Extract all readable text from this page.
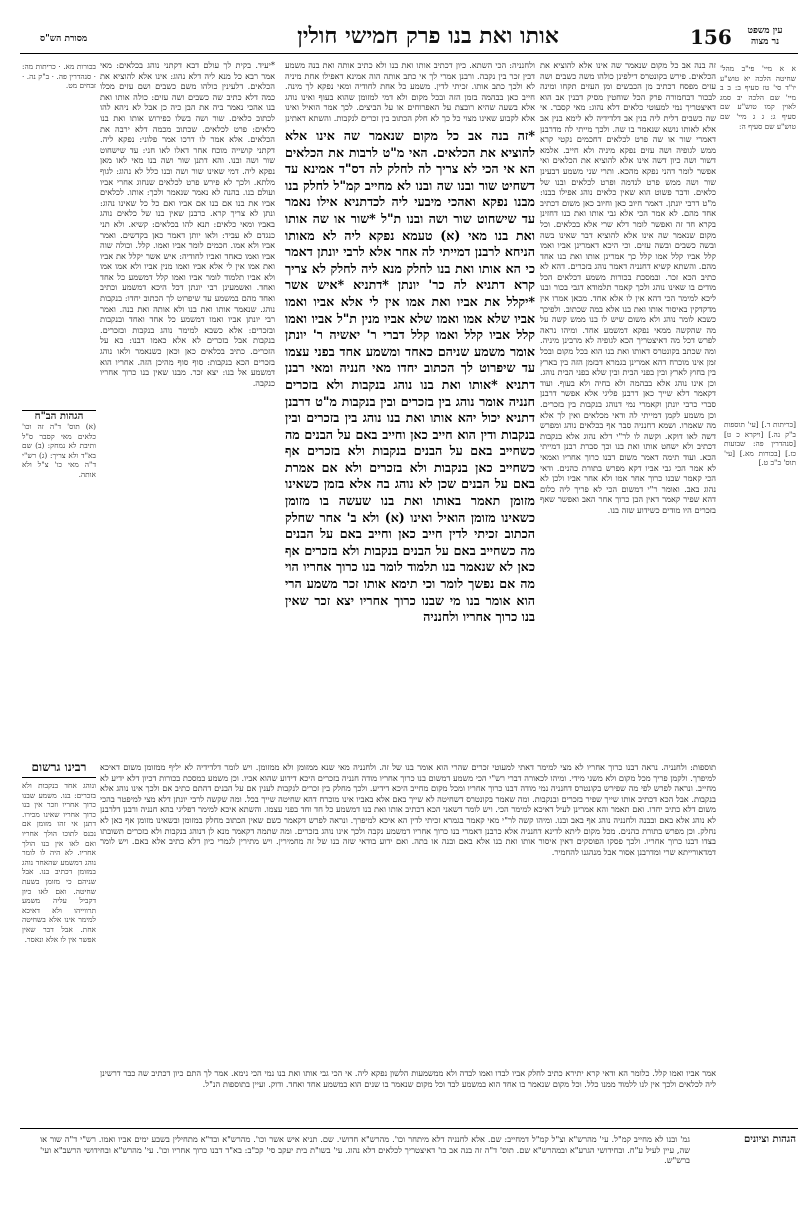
מסורת הש"ס	אותו ואת בנו פרק חמישי חולין	156	עין משפט
נר מצוה
א א מיי' פי"ב מהל' שחיטה הלכה יא טוש"ע יו"ד סי' טז סעיף ב: ב ב מיי' שם הלכה יב סמג לאוין קמו טוש"ע שם סעיף ג: ג ג מיי' שם טוש"ע שם סעיף ה:
[כריתות ד.] [עי' תוספות ב"ק נה.] [ויקרא כ ט] [סנהדרין פה: שבועות כז.] [בכורות מא.] [עי' תוס' ב"ב ט.]
זה בנה אב כל מקום שנאמר שה אינו אלא להוציא את הכלאים. פירש בקונטרס דילפינן כולהו משה כשבים ושה עזים מפסח דכתיב מן הכבשים ומן העזים תקחו ומינה לבכור דבחמורה פרק הכל שוחטין מסיק דבנין אב הוא דאיצטריך נמי למעוטי כלאים דלא נהוג: מאי קסבר. אי שה כשבים דלית ליה בנין אב דלדידיה לא לימא בנין אב אלא לאותו נושא שנאמר בו שה. ולכך מייתי לה מדרבנן דאמרי שור או שה פרט לכלאים דחכמים נקטי קרא ממש לגופיה ושה עזים נפקא מיניה ולא חייב. אלמא דשור ושה כיון דשה אינו אלא להוציא את הכלאים ואי אפשר לומר דהני נפקא מהכא. ותרי שני משמע דבעינן שור ושה ממש פרט לנדמה ופרט לכלאים ובנו של כלאים. ודבר פשוט הוא שאין כלאים נוהג אפילו בבנו: מ"ט דרבי יונתן. דאמר חיוב כאן וחיוב כאן משום דכתיב אחד מהם. לא אמר הכי אלא גבי אותו ואת בנו דחזינן בקרא חד זה ואפשר לומר דלא שרי אלא בכלאים. וכל מקום שנאמר שה אינו אלא להוציא דבר שאינו בשה ובשה כשבים ובשה עזים. וכי היכא דאמרינן אביו ואמו קלל אביו קלל אמו קלל כך אמרינן אותו ואת בנו אחד מהם. והשתא קשיא דחנניה דאמר נוהג בזכרים. דהא לא כתיב הכא זכר. ובמסכת בכורות משמע דכלאים הכל מודים בו שאינו נוהג ולכך קאמר תלמודא דגבי בכור ובנו ליכא למימר הכי דהא אין לו אלא אחד. מכאן אמרו אין מדקדקין באיסור אותו ואת בנו אלא במה שכתוב. ולפיכך כשבא לומר נוהג ולא משום שיש לו בנו ממש קשה על מה שהקשה ממאי נפקא דמשמע אחד. ומיהו נראה לפרש דכל מה דאיצטריך הכא לגופיה לא מרבינן מיניה. ומה שכתב בקונטרס דאותו ואת בנו הוא בכל מקום ובכל זמן אינו מוכרח דהא אמרינן בגמרא דבזמן הזה בין בארץ בין בחוץ לארץ ובין בפני הבית ובין שלא בפני הבית נוהג. וכן אינו נוהג אלא בבהמה ולא בחיה ולא בעוף. ועוד דקאמר דלא שייך כאן דרבנן פליגי אלא אפשר דרבנן סברי כרבי יונתן וקאמרי נמי דנוהג בנקבות בין בזכרים. וכן משמע לקמן דמייתי לה ודאי מכלאים ואין לך אלא מה שאמרו. ושמא דחנניה סבר אף בכלאים נוהג ומפרש דשה לאו דוקא. וקשה לו לר"י דלא נהוג אלא בנקבות דכתיב ולא ישחט אותו ואת בנו וכך סברת רבנן דמייתי הכא. ועוד תימה דאמר משום דבנו כרוך אחריו ואמאי לא אמר הכי גבי אביו דקא מפרש בתורת כהנים. ודאי הכי קאמר שבנו כרוך אחר אמו ולא אחר אביו ולכן לא נהוג באב. ואומר ר"י דמשום הכי לא פריך ליה כלום דהא שפיר קאמר דאין הבן כרוך אחר האב ואפשר שאף בזכרים היו מודים כשידוע שזה בנו.
*יעיד. בקית לך עולם דבא דקתני נוהג בכלאים: מאי אמר רבא כל מנא ליה דלא נהוג: אינו אלא להוציא את הכלאים. דלעינין כולהו משם כשבים ושם עזים מכלו כמה דלא כתיב שה כשבים ושה עזים: כולה אותו ואת בנו אהכי נאמר ביה את הבן כיה כן אבל לא ניהא להו לכתוב כלאים. שור ושה בשלו כפירוש אותו ואת בנו כלאים: פרט לכלאים. שכתוב מכמה דלא ירבה את הכלאים. אלא אמר לו דרכו אמר פלוני: נפקא ליה. דקתני קושייה מוכח אחר דאלו לאו חני: עד שישחוט שור ושה ובנו. והא דתנן שור ושה בנו מאי לאו מאן נפקא ליה. דמי שאינו שור ושה ובנו כלל לא נהוג: לגוף מלתא. ולכך לא פירש פרט לכלאים שנחוג אחרי אביו ועולם בנו. בהנה לא נאמר שנאמר ולכך: אותו. לכלאים אביו את בנו אם בנו אם אביו ואם כל כל שאינו נהוג: ונתן לא צריך קרא. כרבנן שאין בנו של כלאים נוהג באביו ומאי כלאים: תנא להו בכלאים: קשיא. ולא תני כנגדם לא עביד: ולאו יותן דאמר כאן בקדשים. ואמר אביו ולא אמו. חכמים לומר אביו ואמו. קלל. וכולה שוה אביו ואמו כאחד ואביו לחודיה: איש אשר יקלל את אביו ואת אמו אין לי אלא אביו ואמו מנין אביו ולא אמו אמו ולא אביו תלמוד לומר אביו ואמו קלל דמשמע כל אחד ואחד. ואשמעינן רבי יונתן דכל היכא דמשמע וכתיב ואחד מהם במשמע עד שיפרוט לך הכתוב יחדו: בנקבות נוהג. שנאמר אותו ואת בנו ולא אותה ואת בנה. ואמר רבי יונתן אביו ואמו דמשמע כל אחד ואחד ובנקבות ובזכרים: אלא כשבא למימר נוהג בנקבות ובזכרים. בנקבות אבל בזכרים לא אלא כאמו דבנו: בא על הזכרים. כתיב בכלאים כאן וכאן כשנאמר ולאו נוהג בזכרים הכא בנקבות: סוף סוף מהיכן הזה. אחריו הוא דמשמע אל בנו: יצא זכר. מבנו שאין בנו כרוך אחריו כנקבה.
*זה בנה אב כל מקום שנאמר שה אינו אלא להוציא את הכלאים. האי מ"ט לרבות את הכלאים הא אי הכי לא צריך לה לחלק לה דס"ד אמינא עד דשחיט שור ובנו שה ובנו לא מחייב קמ"ל לחלק בנו מבנו נפקא ואהכי מיבעי ליה לכדתניא אילו נאמר עד שישחוט שור ושה ובנו ת"ל *שור או שה אותו ואת בנו מאי (א) טעמא נפקא ליה לא מאותו הניחא לרבנן דמייתי לה אחר אלא לרבי יונתן דאמר כי הא אותו ואת בנו לחלק מנא ליה לחלק לא צריך קרא דתניא לה כר' יונתן *דתניא *איש אשר *יקלל את אביו ואת אמו אין לי אלא אביו ואמו אביו שלא אמו ואמו שלא אביו מנין ת"ל אביו ואמו קלל אביו קלל ואמו קלל דברי ר' יאשיה ר' יונתן אומר משמע שניהם כאחד ומשמע אחד בפני עצמו עד שיפרוט לך הכתוב יחדו מאי חנניה ומאי רבנן דתניא *אותו ואת בנו נוהג בנקבות ולא בזכרים חנניה אומר נוהג בין בזכרים ובין בנקבות מ"ט דרבנן דתניא יכול יהא אותו ואת בנו נוהג בין בזכרים ובין בנקבות ודין הוא חייב כאן וחייב באם על הבנים מה כשחייב באם על הבנים בנקבות ולא בזכרים אף כשחייב כאן בנקבות ולא בזכרים ולא אם אמרת באם על הבנים שכן לא נוהג בה אלא בזמן כשאינו מזומן תאמר באותו ואת בנו שעשה בו מזומן כשאינו מזומן הואיל ואינו (א) ולא ב' אחר שחלק הכתוב זכיתי לדין חייב כאן וחייב באם על הבנים מה כשחייב באם על הבנים בנקבות ולא בזכרים אף כאן לא שנאמר בנו תלמוד לומר בנו כרוך אחריו הוי מה אם נפשך לומר וכי תימא אותו זכר משמע הרי הוא אומר בנו מי שבנו כרוך אחריו יצא זכר שאין בנו כרוך אחריו ולחנניה
ולחנניה: הכי השתא. כיון דכתיב אותו ואת בנו ולא כתיב אותה ואת בנה משמע דבין זכר בין נקבה. ורבנן אמרי לך אי כתב אותה הוה אמינא דאפילו אחת מיניה לא ולכך כתב אותו. זכיתי לדין. משמע כל אחת לחודיה ומאי נפקא לך מינה. חייב כאן בבהמה בזמן הזה ובכל מקום ולא דמי למזומן שהוא בעוף ואינו נוהג אלא בשעה שהיא רובצת על האפרוחים או על הביצים. לכך אמר הואיל ואינו אלא לקבוע שאינו מצוי כל כך לא חלק הכתוב בין זכרים לנקבות. והשתא דאתינן
בכורות מא. · כריתות מה: · סנהדרין פה. · ב"ק נה. · זבחים מט.
הגהות הב"ח
(א) תוס' ד"ה זה וכו' כלאים מאי קסבר ס"ל ותיבת לא נמחק: (ב) שם בא"ד ולא צריך: (ג) רש"י ד"ה מאי כו' צ"ל ולא אותה.
תוספות: ולחנניה. נראה דבנו כרוך אחריו לא מצי למימר דאתי למעוטי זכרים שהרי הוא אומר בנו של זה. ולחנניה מאי שנא ממזומן ולא ממזומן. ויש לומר דלדידיה לא יליף ממזומן משום דאיכא למיפרך. ולקמן פריך מכל מקום ולא משני מידי. ומיהו לכאורה דברי רש"י הכי משמע דמשום בנו כרוך אחריו מודה חנניה בזכרים היכא דידוע שהוא אביו. וכן משמע במסכת בכורות דכיון דלא ידיע לא מחייב. ונראה לפרש לפי מה שפירש בקונטרס דחנניה נמי מודה דבנו כרוך אחריו ומכל מקום מחייב היכא דידיע. ולכך מחלק בין זכרים לנקבות לענין אם על הבנים דהתם כתיב אם ולכך אינו נוהג אלא בנקבות. אבל הכא דכתיב אותו שייך שפיר בזכרים ובנקבות. ומה שאמר בקונטרס דשחיטה לא שייך באם אלא באביו אינו מוכרח דהא שחיטה שייך בכל. ומה שקשה לרבי יונתן דלא מצי למיפטר בהכי משום דלא כתיב יחדו. ואם תאמר והא אמרינן לעיל דאיכא למימר הכי. ויש לומר דשאני הכא דכתיב אותו ואת בנו דמשמע כל חד וחד בפני עצמו. והשתא איכא למימר דפליגי בהא חנניה ורבנן דלרבנן לא נוהג אלא באם ובבנה ולחנניה נוהג אף באב ובנו. ומיהו קשה לר"י מאי קאמר בגמרא זכיתי לדין הא איכא למיפרך. ונראה לפרש דקאמר כשם שאין הכתוב מחלק במזומן ובשאינו מזומן אף כאן לא נחלק. וכן מפרש בתורת כהנים. מכל מקום ליתא לדינא דחנניה אלא כרבנן דאמרי בנו כרוך אחריו דמשמע נקבה ולכך אינו נוהג בזכרים. ומה שתמה דקאמר מנא לן דנוהג בנקבות ולא בזכרים תשובתו בצדו דבנו כרוך אחריו. ולכך פסקו הפוסקים דאין איסור אותו ואת בנו אלא באם ובנה או בתה. ואם ידוע בודאי שזה בנו של זה מחמירין. ויש מתירין לגמרי כיון דלא כתיב אלא באם. ויש לומר דמדאורייתא שרי ומדרבנן אסור אבל מנהגנו להחמיר.
רבינו גרשום
ונוהג אחד בנקבות ולא בזכרים: בנו. משמע שבנו כרוך אחריו וזכר אין בנו כרוך אחריו שאינו מכירו. דתנן אי זהו מזומן אם נכנס לתוכו הולך אחריו ואם לאו אין בנו הולך אחריו. לא היה לו לומר נוהג דמשמע שהאחד נוהג במזומן דכתיב בנו. אבל שניהם כי מזומן בשעת שחיטה. ואם לאו כיון דקביל עליה משמע תרווייהו ולא דאיכא למימר אינו אלא בשחיטה אחת. אבל דבר שאין אפשר אין לו אלא ונאסר.
אמר אביו ואמו קלל. כלומר הא ודאי קרא יתירא כתיב לחלק אביו לבדו ואמו לבדה ולא ממשמעות הלשון נפקא ליה. אי הכי גבי אותו ואת בנו נמי הכי נימא. אמר לך התם כיון דכתיב שה כבר דרשינן ליה לכלאים ולכך אין לנו ללמוד ממנו כלל. וכל מקום שנאמר בו אחד הוא במשמע לבד וכל מקום שנאמר בו שנים הוא במשמע אחד ואחד. ודוק. ועיין בתוספות הנ"ל.
הגהות וציונים
גמ' ובנו לא מחייב קמ"ל. עי' מהרש"א וצ"ל קמ"ל דמחייב: שם. אלא לחנניה דלא מיתחר וכו'. מהרש"א חדושי. שם. תניא איש אשר וכו'. מהרש"א ובד"א מתחילין בשבע ימים אביו ואמו. רש"י ד"ה שור או שה, עיין לעיל ע"ח. ובחידושי הגרע"א ובמהרש"א שם. תוס' ד"ה זה בנה אב כו' דאיצטריך לכלאים דלא נהוג. עי' בשו"ת בית יעקב סי' קכ"ב: בא"ד דבנו כרוך אחריו וכו'. עי' מהרש"א ובחידושי הרשב"א ועי' ברש"ש.
